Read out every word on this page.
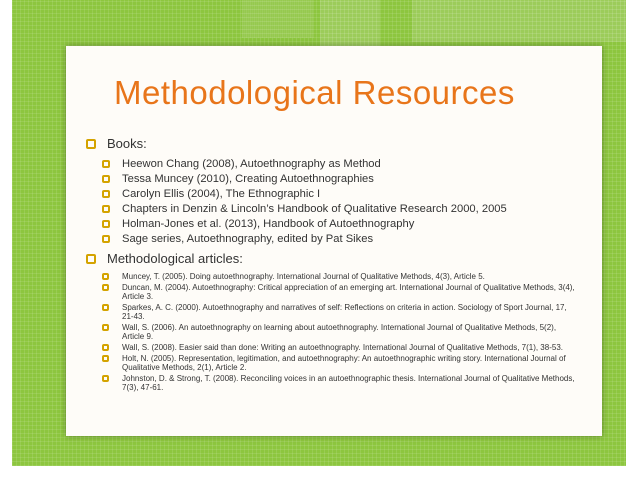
Methodological Resources
Books:
Heewon Chang (2008), Autoethnography as Method
Tessa Muncey (2010), Creating Autoethnographies
Carolyn Ellis (2004), The Ethnographic I
Chapters in Denzin & Lincoln’s Handbook of Qualitative Research 2000, 2005
Holman-Jones et al. (2013), Handbook of Autoethnography
Sage series, Autoethnography, edited by Pat Sikes
Methodological articles:
Muncey, T. (2005). Doing autoethnography. International Journal of Qualitative Methods, 4(3), Article 5.
Duncan, M. (2004). Autoethnography: Critical appreciation of an emerging art. International Journal of Qualitative Methods, 3(4), Article 3.
Sparkes, A. C. (2000). Autoethnography and narratives of self: Reflections on criteria in action. Sociology of Sport Journal, 17, 21-43.
Wall, S. (2006). An autoethnography on learning about autoethnography. International Journal of Qualitative Methods, 5(2), Article 9.
Wall, S. (2008). Easier said than done: Writing an autoethnography. International Journal of Qualitative Methods, 7(1), 38-53.
Holt, N. (2005). Representation, legitimation, and autoethnography: An autoethnographic writing story. International Journal of Qualitative Methods, 2(1), Article 2.
Johnston, D. & Strong, T. (2008). Reconciling voices in an autoethnographic thesis. International Journal of Qualitative Methods, 7(3), 47-61.
